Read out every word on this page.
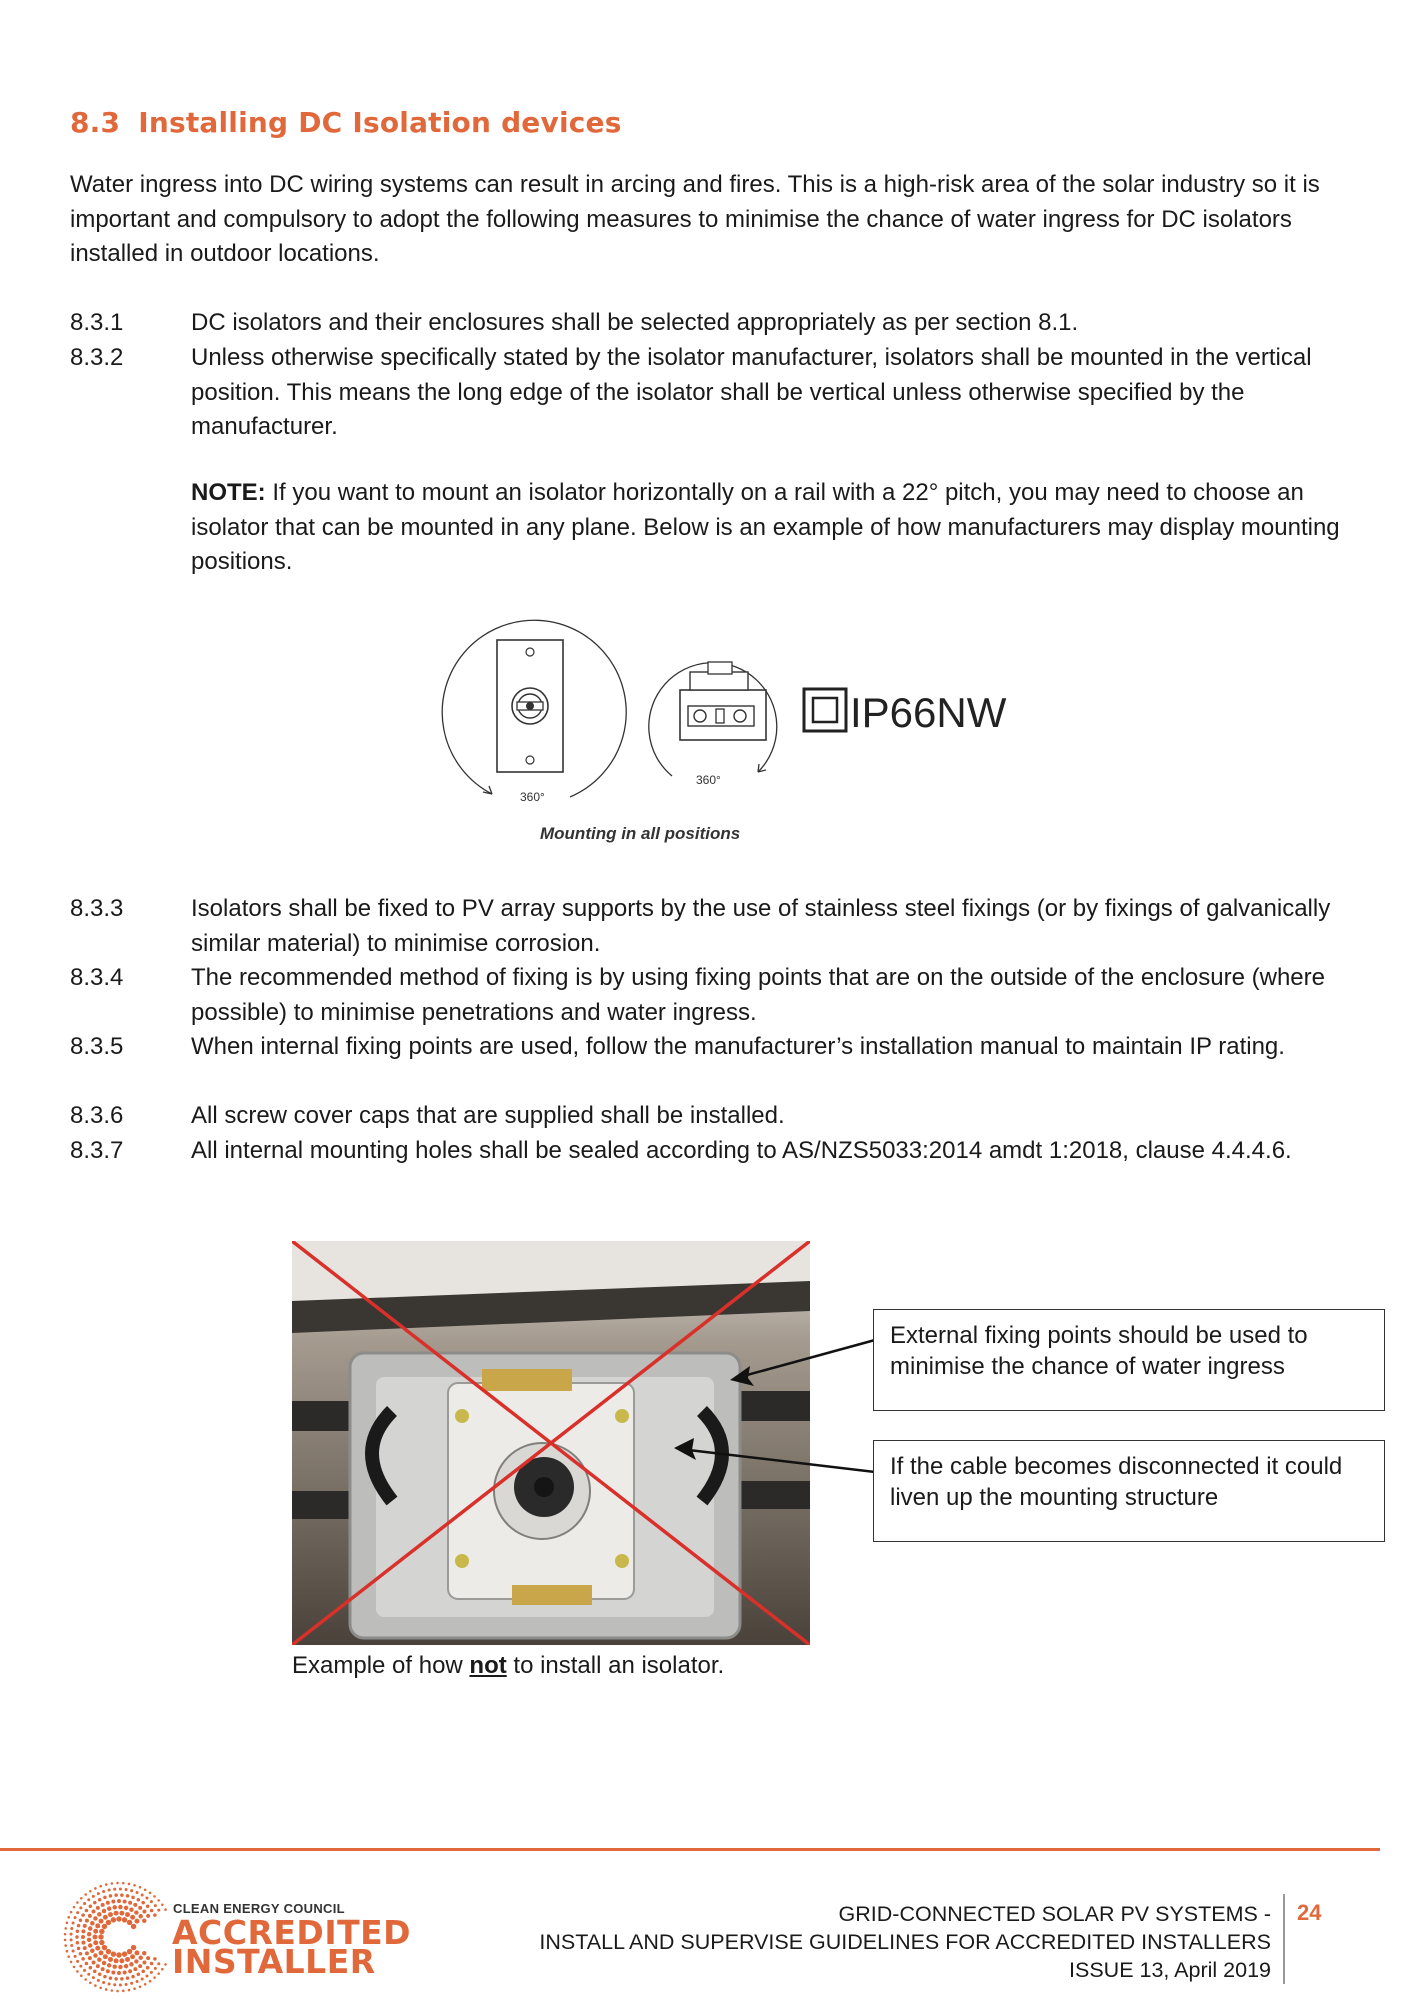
8.3 Installing DC Isolation devices
Water ingress into DC wiring systems can result in arcing and fires. This is a high-risk area of the solar industry so it is important and compulsory to adopt the following measures to minimise the chance of water ingress for DC isolators installed in outdoor locations.
8.3.1	DC isolators and their enclosures shall be selected appropriately as per section 8.1.
8.3.2	Unless otherwise specifically stated by the isolator manufacturer, isolators shall be mounted in the vertical position. This means the long edge of the isolator shall be vertical unless otherwise specified by the manufacturer.
NOTE: If you want to mount an isolator horizontally on a rail with a 22° pitch, you may need to choose an isolator that can be mounted in any plane. Below is an example of how manufacturers may display mounting positions.
360°
360°
IP66NW
Mounting in all positions
8.3.3	Isolators shall be fixed to PV array supports by the use of stainless steel fixings (or by fixings of galvanically similar material) to minimise corrosion.
8.3.4	The recommended method of fixing is by using fixing points that are on the outside of the enclosure (where possible) to minimise penetrations and water ingress.
8.3.5	When internal fixing points are used, follow the manufacturer’s installation manual to maintain IP rating.
8.3.6	All screw cover caps that are supplied shall be installed.
8.3.7	All internal mounting holes shall be sealed according to AS/NZS5033:2014 amdt 1:2018, clause 4.4.4.6.
External fixing points should be used to minimise the chance of water ingress
If the cable becomes disconnected it could liven up the mounting structure
Example of how not to install an isolator.
CLEAN ENERGY COUNCIL
ACCREDITED
INSTALLER
GRID-CONNECTED SOLAR PV SYSTEMS -
INSTALL AND SUPERVISE GUIDELINES FOR ACCREDITED INSTALLERS
ISSUE 13, April 2019
24
